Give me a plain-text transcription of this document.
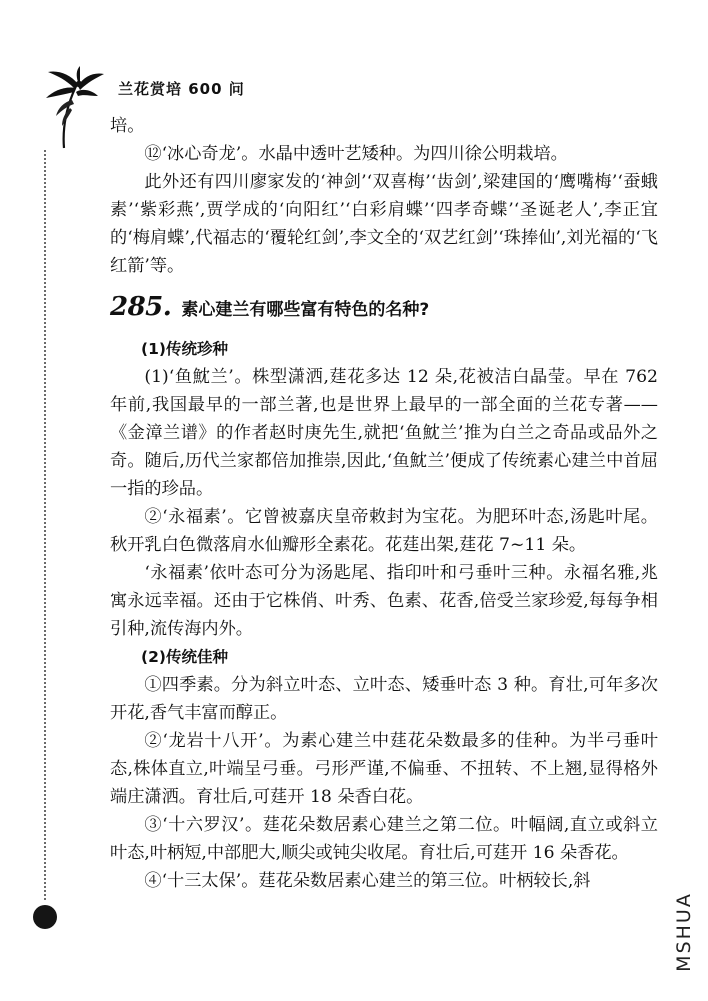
兰花赏培 600 问

培。

⑫‘冰心奇龙’。水晶中透叶艺矮种。为四川徐公明栽培。

此外还有四川廖家发的‘神剑’‘双喜梅’‘齿剑’,梁建国的‘鹰嘴梅’‘蚕蛾素’‘紫彩燕’,贾学成的‘向阳红’‘白彩肩蝶’‘四孝奇蝶’‘圣诞老人’,李正宜的‘梅肩蝶’,代福志的‘覆轮红剑’,李文全的‘双艺红剑’‘珠捧仙’,刘光福的‘飞红箭’等。

285. 素心建兰有哪些富有特色的名种?

(1)传统珍种

(1)‘鱼魫兰’。株型潇洒,莛花多达 12 朵,花被洁白晶莹。早在 762 年前,我国最早的一部兰著,也是世界上最早的一部全面的兰花专著——《金漳兰谱》的作者赵时庚先生,就把‘鱼魫兰’推为白兰之奇品或品外之奇。随后,历代兰家都倍加推崇,因此,‘鱼魫兰’便成了传统素心建兰中首屈一指的珍品。

②‘永福素’。它曾被嘉庆皇帝敕封为宝花。为肥环叶态,汤匙叶尾。秋开乳白色微落肩水仙瓣形全素花。花莛出架,莛花 7~11 朵。

‘永福素’依叶态可分为汤匙尾、指印叶和弓垂叶三种。永福名雅,兆寓永远幸福。还由于它株俏、叶秀、色素、花香,倍受兰家珍爱,每每争相引种,流传海内外。

(2)传统佳种

①四季素。分为斜立叶态、立叶态、矮垂叶态 3 种。育壮,可年多次开花,香气丰富而醇正。

②‘龙岩十八开’。为素心建兰中莛花朵数最多的佳种。为半弓垂叶态,株体直立,叶端呈弓垂。弓形严谨,不偏垂、不扭转、不上翘,显得格外端庄潇洒。育壮后,可莛开 18 朵香白花。

③‘十六罗汉’。莛花朵数居素心建兰之第二位。叶幅阔,直立或斜立叶态,叶柄短,中部肥大,顺尖或钝尖收尾。育壮后,可莛开 16 朵香花。

④‘十三太保’。莛花朵数居素心建兰的第三位。叶柄较长,斜

MSHUA
